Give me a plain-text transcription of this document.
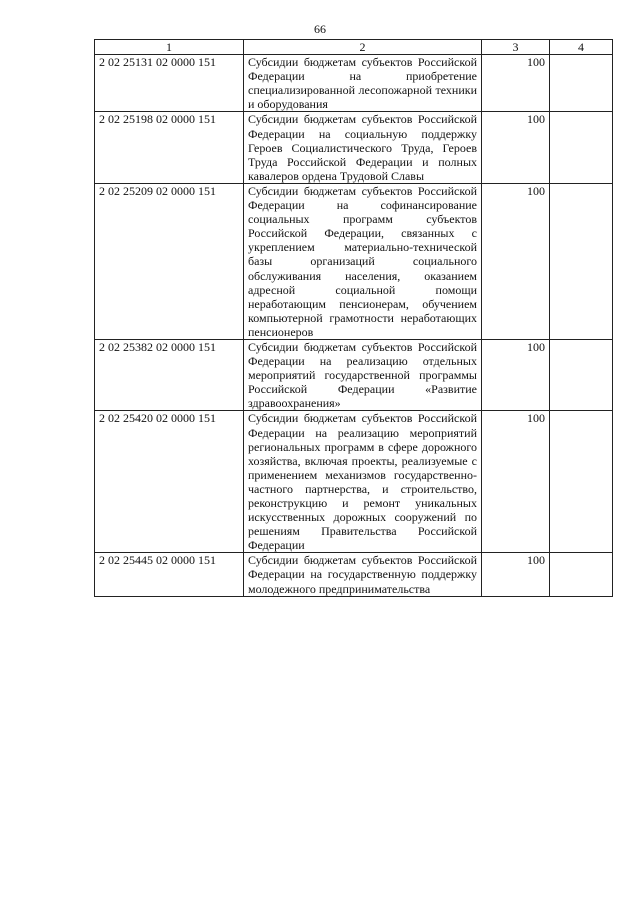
66
1	2	3	4
2 02 25131 02 0000 151	Субсидии бюджетам субъектов Российской Федерации на приобретение специализированной лесопожарной техники и оборудования	100	
2 02 25198 02 0000 151	Субсидии бюджетам субъектов Российской Федерации на социальную поддержку Героев Социалистического Труда, Героев Труда Российской Федерации и полных кавалеров ордена Трудовой Славы	100	
2 02 25209 02 0000 151	Субсидии бюджетам субъектов Российской Федерации на софинансирование социальных программ субъектов Российской Федерации, связанных с укреплением материально-технической базы организаций социального обслуживания населения, оказанием адресной социальной помощи неработающим пенсионерам, обучением компьютерной грамотности неработающих пенсионеров	100	
2 02 25382 02 0000 151	Субсидии бюджетам субъектов Российской Федерации на реализацию отдельных мероприятий государственной программы Российской Федерации «Развитие здравоохранения»	100	
2 02 25420 02 0000 151	Субсидии бюджетам субъектов Российской Федерации на реализацию мероприятий региональных программ в сфере дорожного хозяйства, включая проекты, реализуемые с применением механизмов государственно-частного партнерства, и строительство, реконструкцию и ремонт уникальных искусственных дорожных сооружений по решениям Правительства Российской Федерации	100	
2 02 25445 02 0000 151	Субсидии бюджетам субъектов Российской Федерации на государственную поддержку молодежного предпринимательства	100	
